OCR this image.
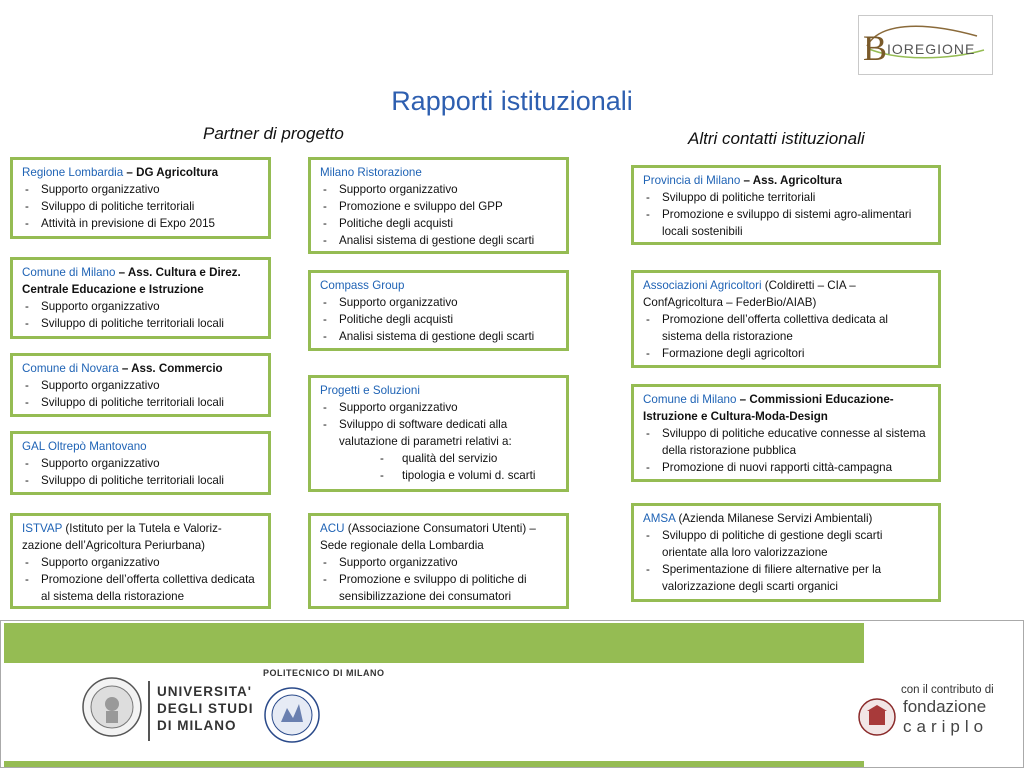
B IOREGIONE
Rapporti istituzionali
Partner di progetto	Altri contatti istituzionali
Regione Lombardia – DG Agricoltura
- Supporto organizzativo
- Sviluppo di politiche territoriali
- Attività in previsione di Expo 2015
Comune di Milano – Ass. Cultura e Direz. Centrale Educazione e Istruzione
- Supporto organizzativo
- Sviluppo di politiche territoriali locali
Comune di Novara – Ass. Commercio
- Supporto organizzativo
- Sviluppo di politiche territoriali locali
GAL Oltrepò Mantovano
- Supporto organizzativo
- Sviluppo di politiche territoriali locali
ISTVAP (Istituto per la Tutela e Valoriz-zazione dell’Agricoltura Periurbana)
- Supporto organizzativo
- Promozione dell’offerta collettiva dedicata al sistema della ristorazione
Milano Ristorazione
- Supporto organizzativo
- Promozione e sviluppo del GPP
- Politiche degli acquisti
- Analisi sistema di gestione degli scarti
Compass Group
- Supporto organizzativo
- Politiche degli acquisti
- Analisi sistema di gestione degli scarti
Progetti e Soluzioni
- Supporto organizzativo
- Sviluppo di software dedicati alla valutazione di parametri relativi a:
- qualità del servizio
- tipologia e volumi d. scarti
ACU (Associazione Consumatori Utenti) – Sede regionale della Lombardia
- Supporto organizzativo
- Promozione e sviluppo di politiche di sensibilizzazione dei consumatori
Provincia di Milano – Ass. Agricoltura
- Sviluppo di politiche territoriali
- Promozione e sviluppo di sistemi agro-alimentari locali sostenibili
Associazioni Agricoltori (Coldiretti – CIA – ConfAgricoltura – FederBio/AIAB)
- Promozione dell’offerta collettiva dedicata al sistema della ristorazione
- Formazione degli agricoltori
Comune di Milano – Commissioni Educazione-Istruzione e Cultura-Moda-Design
- Sviluppo di politiche educative connesse al sistema della ristorazione pubblica
- Promozione di nuovi rapporti città-campagna
AMSA (Azienda Milanese Servizi Ambientali)
- Sviluppo di politiche di gestione degli scarti orientate alla loro valorizzazione
- Sperimentazione di filiere alternative per la valorizzazione degli scarti organici
UNIVERSITA'
DEGLI STUDI
DI MILANO
POLITECNICO DI MILANO
con il contributo di
fondazione
cariplo
